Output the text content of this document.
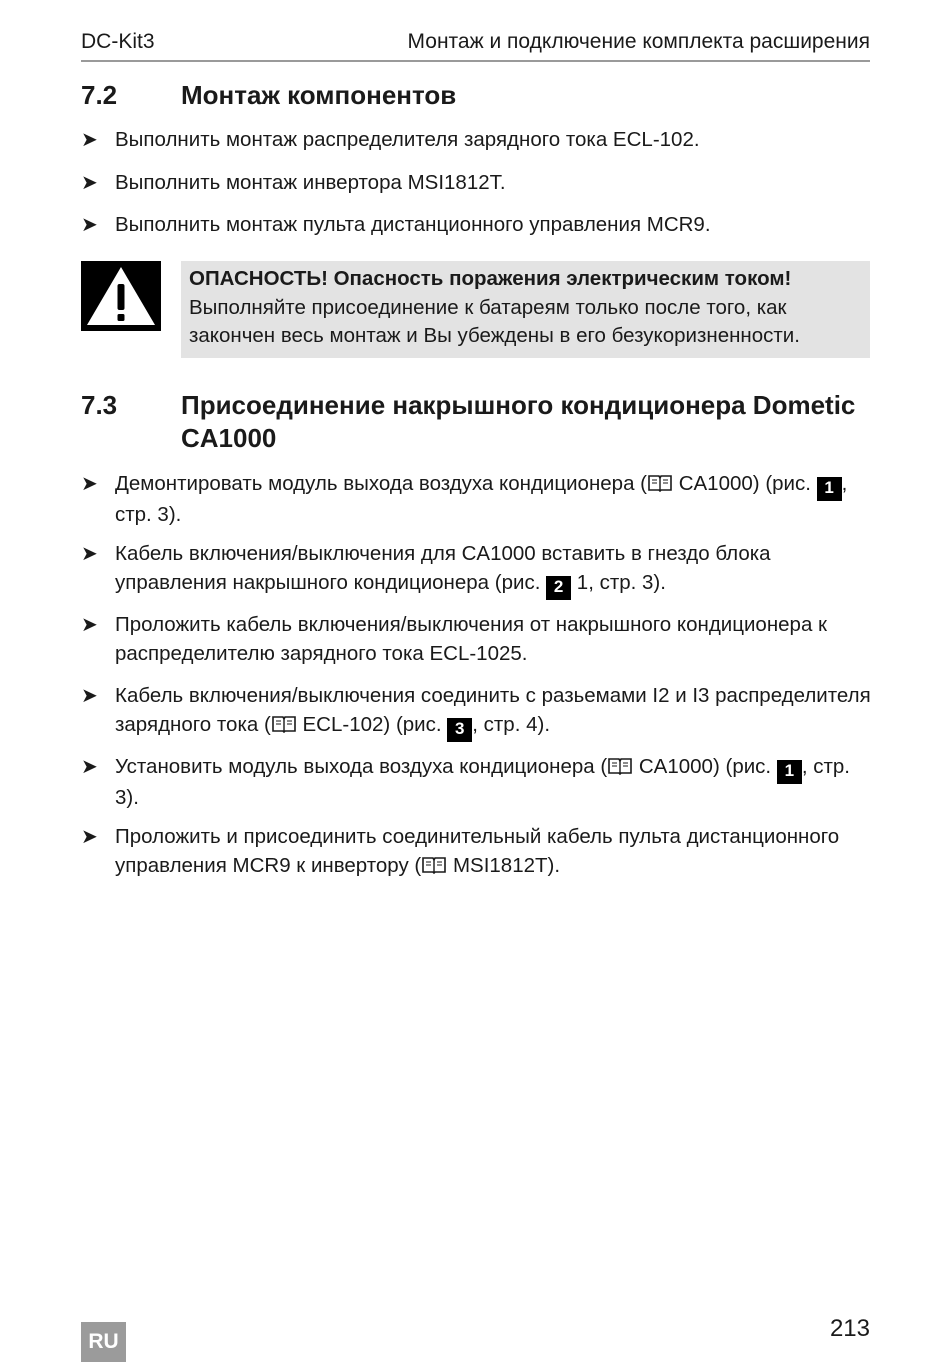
DC-Kit3	Монтаж и подключение комплекта расширения
7.2 Монтаж компонентов
➤ Выполнить монтаж распределителя зарядного тока ECL-102.
➤ Выполнить монтаж инвертора MSI1812T.
➤ Выполнить монтаж пульта дистанционного управления MCR9.
ОПАСНОСТЬ! Опасность поражения электрическим током!
Выполняйте присоединение к батареям только после того, как закончен весь монтаж и Вы убеждены в его безукоризненности.
7.3 Присоединение накрышного кондиционера Dometic CA1000
➤ Демонтировать модуль выхода воздуха кондиционера ( CA1000) (рис. 1 , стр. 3).
➤ Кабель включения/выключения для CA1000 вставить в гнездо блока управления накрышного кондиционера (рис. 2 1, стр. 3).
➤ Проложить кабель включения/выключения от накрышного кондиционера к распределителю зарядного тока ECL-1025.
➤ Кабель включения/выключения соединить с разьемами I2 и I3 распределителя зарядного тока ( ECL-102) (рис. 3 , стр. 4).
➤ Установить модуль выхода воздуха кондиционера ( CA1000) (рис. 1 , стр. 3).
➤ Проложить и присоединить соединительный кабель пульта дистанционного управления MCR9 к инвертору ( MSI1812T).
RU	213
